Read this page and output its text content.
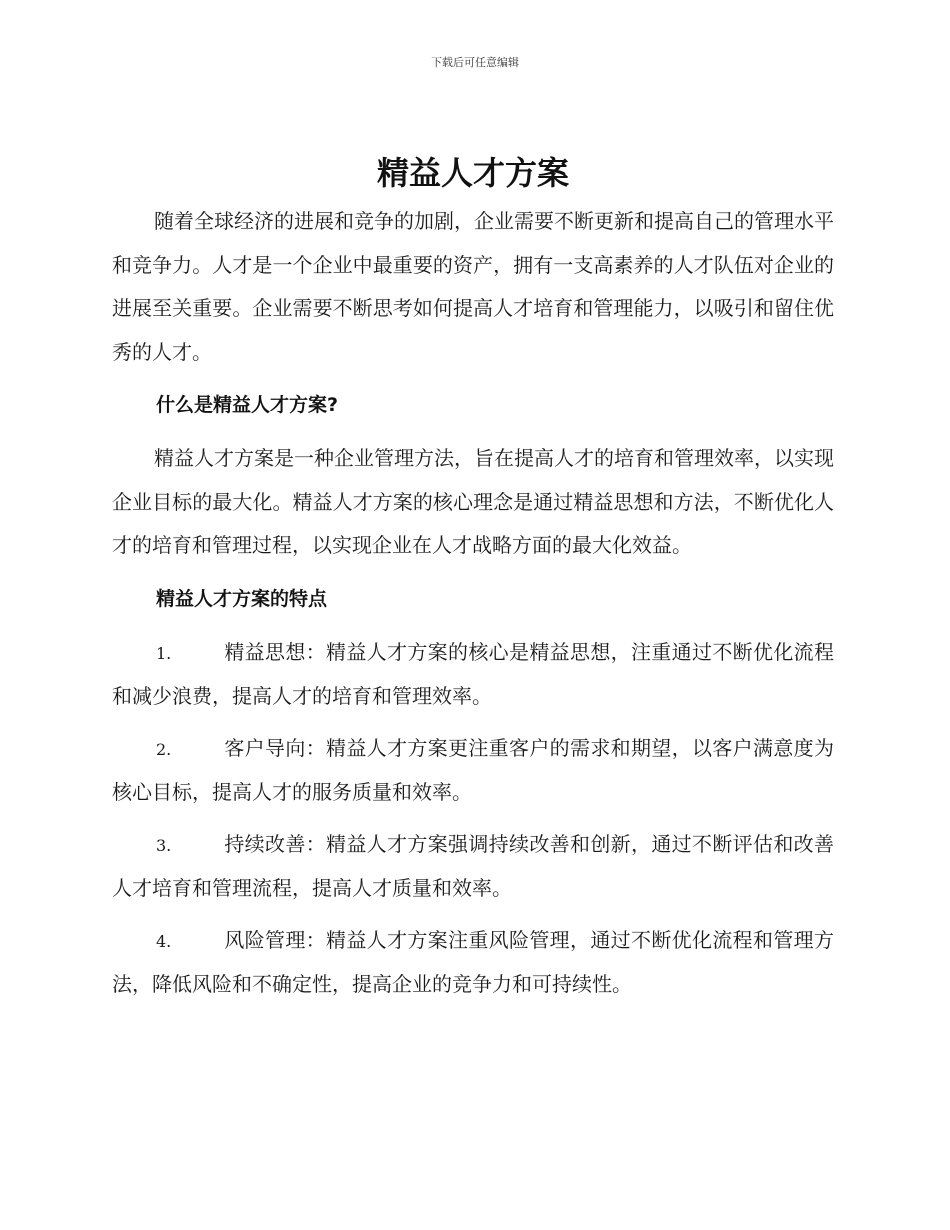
下载后可任意编辑
精益人才方案

随着全球经济的进展和竞争的加剧，企业需要不断更新和提高自己的管理水平和竞争力。人才是一个企业中最重要的资产，拥有一支高素养的人才队伍对企业的进展至关重要。企业需要不断思考如何提高人才培育和管理能力，以吸引和留住优秀的人才。

什么是精益人才方案?

精益人才方案是一种企业管理方法，旨在提高人才的培育和管理效率，以实现企业目标的最大化。精益人才方案的核心理念是通过精益思想和方法，不断优化人才的培育和管理过程，以实现企业在人才战略方面的最大化效益。

精益人才方案的特点
1.	精益思想：精益人才方案的核心是精益思想，注重通过不断优化流程和减少浪费，提高人才的培育和管理效率。
2.	客户导向：精益人才方案更注重客户的需求和期望，以客户满意度为核心目标，提高人才的服务质量和效率。
3.	持续改善：精益人才方案强调持续改善和创新，通过不断评估和改善人才培育和管理流程，提高人才质量和效率。
4.	风险管理：精益人才方案注重风险管理，通过不断优化流程和管理方法，降低风险和不确定性，提高企业的竞争力和可持续性。
